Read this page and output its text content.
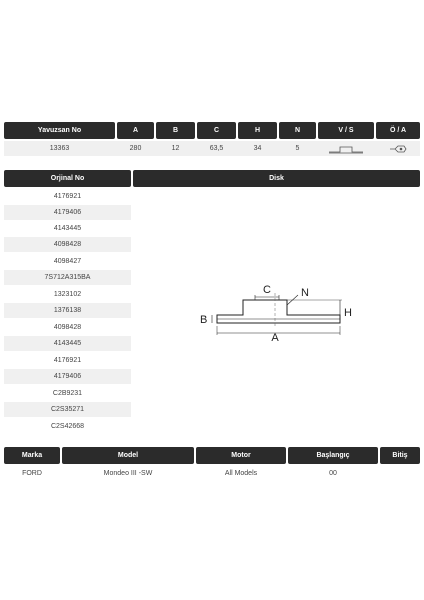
Yavuzsan No	A	B	C	H	N	V / S	Ö / A
13363	280	12	63,5	34	5
Orjinal No	Disk
4176921
4179406
4143445
4098428
4098427
7S712A315BA
1323102
1376138
4098428
4143445
4176921
4179406
C2B9231
C2S35271
C2S42668
C	N
H
B
A
Marka	Model	Motor	Başlangıç	Bitiş
FORD	Mondeo III -SW	All Models	00
